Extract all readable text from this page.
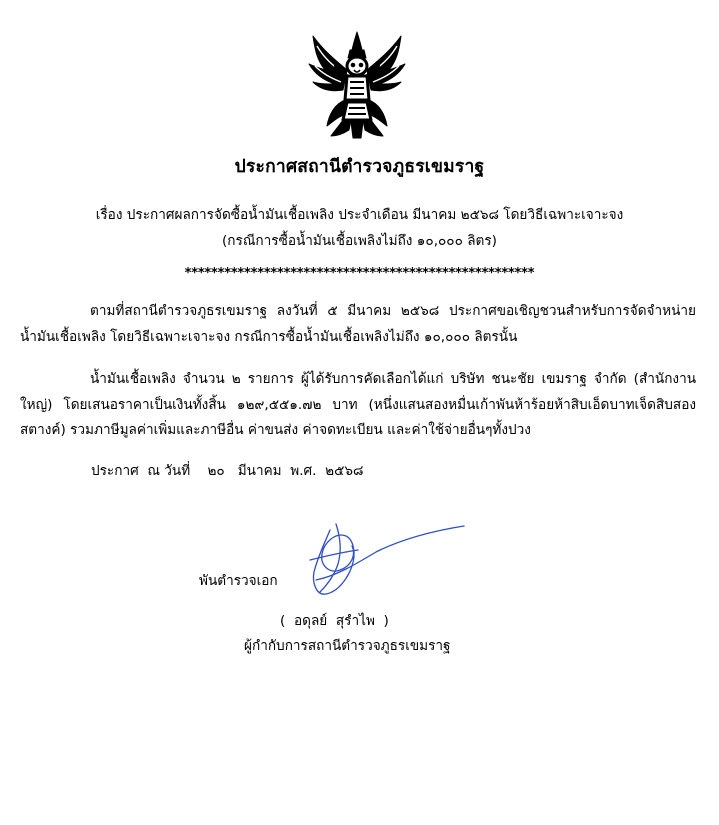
ประกาศสถานีตำรวจภูธรเขมราฐ
เรื่อง ประกาศผลการจัดซื้อน้ำมันเชื้อเพลิง ประจำเดือน มีนาคม ๒๕๖๘ โดยวิธีเฉพาะเจาะจง
(กรณีการซื้อน้ำมันเชื้อเพลิงไม่ถึง ๑๐,๐๐๐ ลิตร)
*****************************************************
ตามที่สถานีตำรวจภูธรเขมราฐ ลงวันที่ ๕ มีนาคม ๒๕๖๘ ประกาศขอเชิญชวนสำหรับการจัดจำหน่าย น้ำมันเชื้อเพลิง โดยวิธีเฉพาะเจาะจง กรณีการซื้อน้ำมันเชื้อเพลิงไม่ถึง ๑๐,๐๐๐ ลิตรนั้น
น้ำมันเชื้อเพลิง จำนวน ๒ รายการ ผู้ได้รับการคัดเลือกได้แก่ บริษัท ชนะชัย เขมราฐ จำกัด (สำนักงานใหญ่) โดยเสนอราคาเป็นเงินทั้งสิ้น ๑๒๙,๕๕๑.๗๒ บาท (หนึ่งแสนสองหมื่นเก้าพันห้าร้อยห้าสิบเอ็ดบาทเจ็ดสิบสองสตางค์) รวมภาษีมูลค่าเพิ่มและภาษีอื่น ค่าขนส่ง ค่าจดทะเบียน และค่าใช้จ่ายอื่นๆทั้งปวง
ประกาศ  ณ วันที่    ๒๐   มีนาคม  พ.ศ.  ๒๕๖๘
พันตำรวจเอก
(  อดุลย์  สุรำไพ  )
ผู้กำกับการสถานีตำรวจภูธรเขมราฐ
